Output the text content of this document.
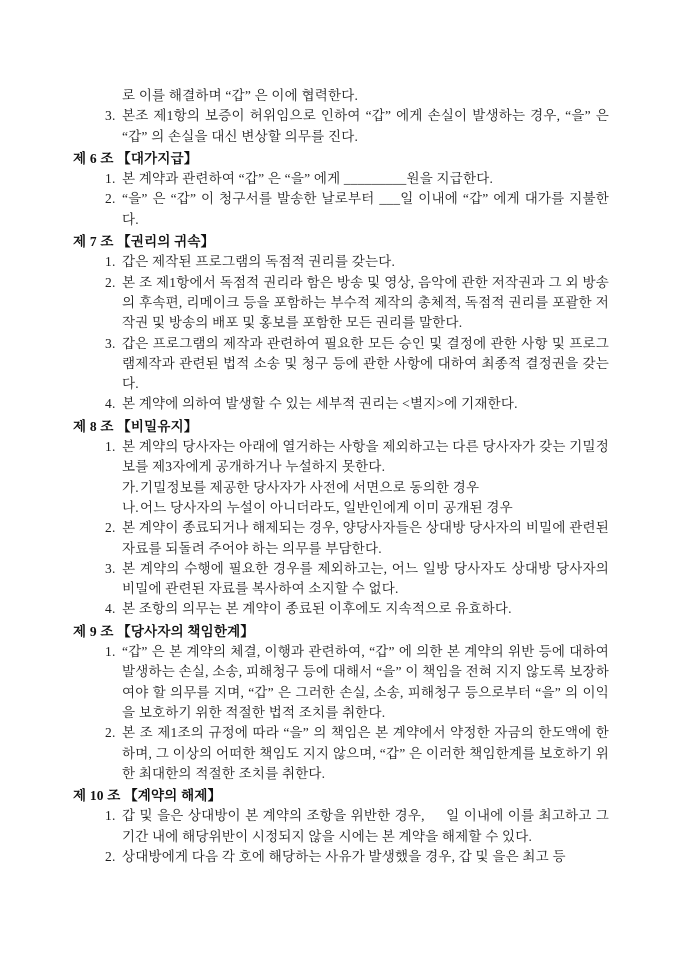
로 이를 해결하며 “갑” 은 이에 협력한다.
3. 본조 제1항의 보증이 허위임으로 인하여 “갑” 에게 손실이 발생하는 경우, “을” 은 “갑” 의 손실을 대신 변상할 의무를 진다.
제 6 조 【대가지급】
1. 본 계약과 관련하여 “갑” 은 “을” 에게 _________원을 지급한다.
2. “을” 은 “갑” 이 청구서를 발송한 날로부터 ___일 이내에 “갑” 에게 대가를 지불한다.
제 7 조 【권리의 귀속】
1. 갑은 제작된 프로그램의 독점적 권리를 갖는다.
2. 본 조 제1항에서 독점적 권리라 함은 방송 및 영상, 음악에 관한 저작권과 그 외 방송의 후속편, 리메이크 등을 포함하는 부수적 제작의 총체적, 독점적 권리를 포괄한 저작권 및 방송의 배포 및 홍보를 포함한 모든 권리를 말한다.
3. 갑은 프로그램의 제작과 관련하여 필요한 모든 승인 및 결정에 관한 사항 및 프로그램제작과 관련된 법적 소송 및 청구 등에 관한 사항에 대하여 최종적 결정권을 갖는다.
4. 본 계약에 의하여 발생할 수 있는 세부적 권리는 <별지>에 기재한다.
제 8 조 【비밀유지】
1. 본 계약의 당사자는 아래에 열거하는 사항을 제외하고는 다른 당사자가 갖는 기밀정보를 제3자에게 공개하거나 누설하지 못한다.
가.기밀정보를 제공한 당사자가 사전에 서면으로 동의한 경우
나.어느 당사자의 누설이 아니더라도, 일반인에게 이미 공개된 경우
2. 본 계약이 종료되거나 해제되는 경우, 양당사자들은 상대방 당사자의 비밀에 관련된 자료를 되돌려 주어야 하는 의무를 부담한다.
3. 본 계약의 수행에 필요한 경우를 제외하고는, 어느 일방 당사자도 상대방 당사자의 비밀에 관련된 자료를 복사하여 소지할 수 없다.
4. 본 조항의 의무는 본 계약이 종료된 이후에도 지속적으로 유효하다.
제 9 조 【당사자의 책임한계】
1. “갑” 은 본 계약의 체결, 이행과 관련하여, “갑” 에 의한 본 계약의 위반 등에 대하여 발생하는 손실, 소송, 피해청구 등에 대해서 “을” 이 책임을 전혀 지지 않도록 보장하여야 할 의무를 지며, “갑” 은 그러한 손실, 소송, 피해청구 등으로부터 “을” 의 이익을 보호하기 위한 적절한 법적 조치를 취한다.
2. 본 조 제1조의 규정에 따라 “을” 의 책임은 본 계약에서 약정한 자금의 한도액에 한하며, 그 이상의 어떠한 책임도 지지 않으며, “갑” 은 이러한 책임한계를 보호하기 위한 최대한의 적절한 조치를 취한다.
제 10 조 【계약의 해제】
1. 갑 및 을은 상대방이 본 계약의 조항을 위반한 경우,     일 이내에 이를 최고하고 그 기간 내에 해당위반이 시정되지 않을 시에는 본 계약을 해제할 수 있다.
2. 상대방에게 다음 각 호에 해당하는 사유가 발생했을 경우, 갑 및 을은 최고 등
